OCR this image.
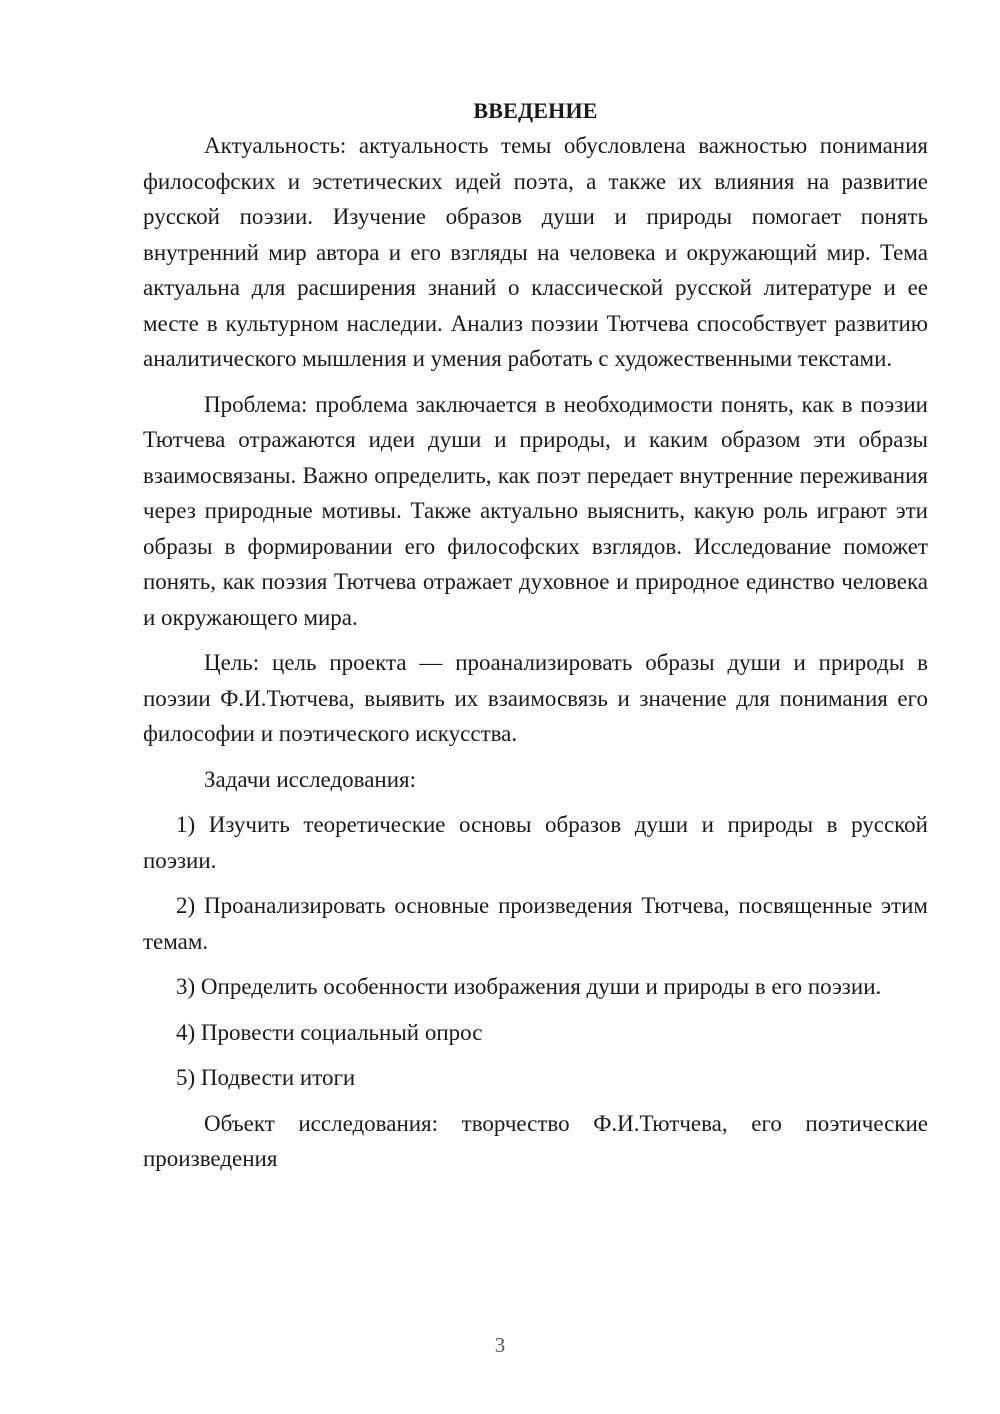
ВВЕДЕНИЕ

Актуальность: актуальность темы обусловлена важностью понимания философских и эстетических идей поэта, а также их влияния на развитие русской поэзии. Изучение образов души и природы помогает понять внутренний мир автора и его взгляды на человека и окружающий мир. Тема актуальна для расширения знаний о классической русской литературе и ее месте в культурном наследии. Анализ поэзии Тютчева способствует развитию аналитического мышления и умения работать с художественными текстами.

Проблема: проблема заключается в необходимости понять, как в поэзии Тютчева отражаются идеи души и природы, и каким образом эти образы взаимосвязаны. Важно определить, как поэт передает внутренние переживания через природные мотивы. Также актуально выяснить, какую роль играют эти образы в формировании его философских взглядов. Исследование поможет понять, как поэзия Тютчева отражает духовное и природное единство человека и окружающего мира.

Цель: цель проекта — проанализировать образы души и природы в поэзии Ф.И.Тютчева, выявить их взаимосвязь и значение для понимания его философии и поэтического искусства.

Задачи исследования:

1) Изучить теоретические основы образов души и природы в русской поэзии.

2) Проанализировать основные произведения Тютчева, посвященные этим темам.

3) Определить особенности изображения души и природы в его поэзии.

4) Провести социальный опрос

5) Подвести итоги

Объект исследования: творчество Ф.И.Тютчева, его поэтические произведения

3
